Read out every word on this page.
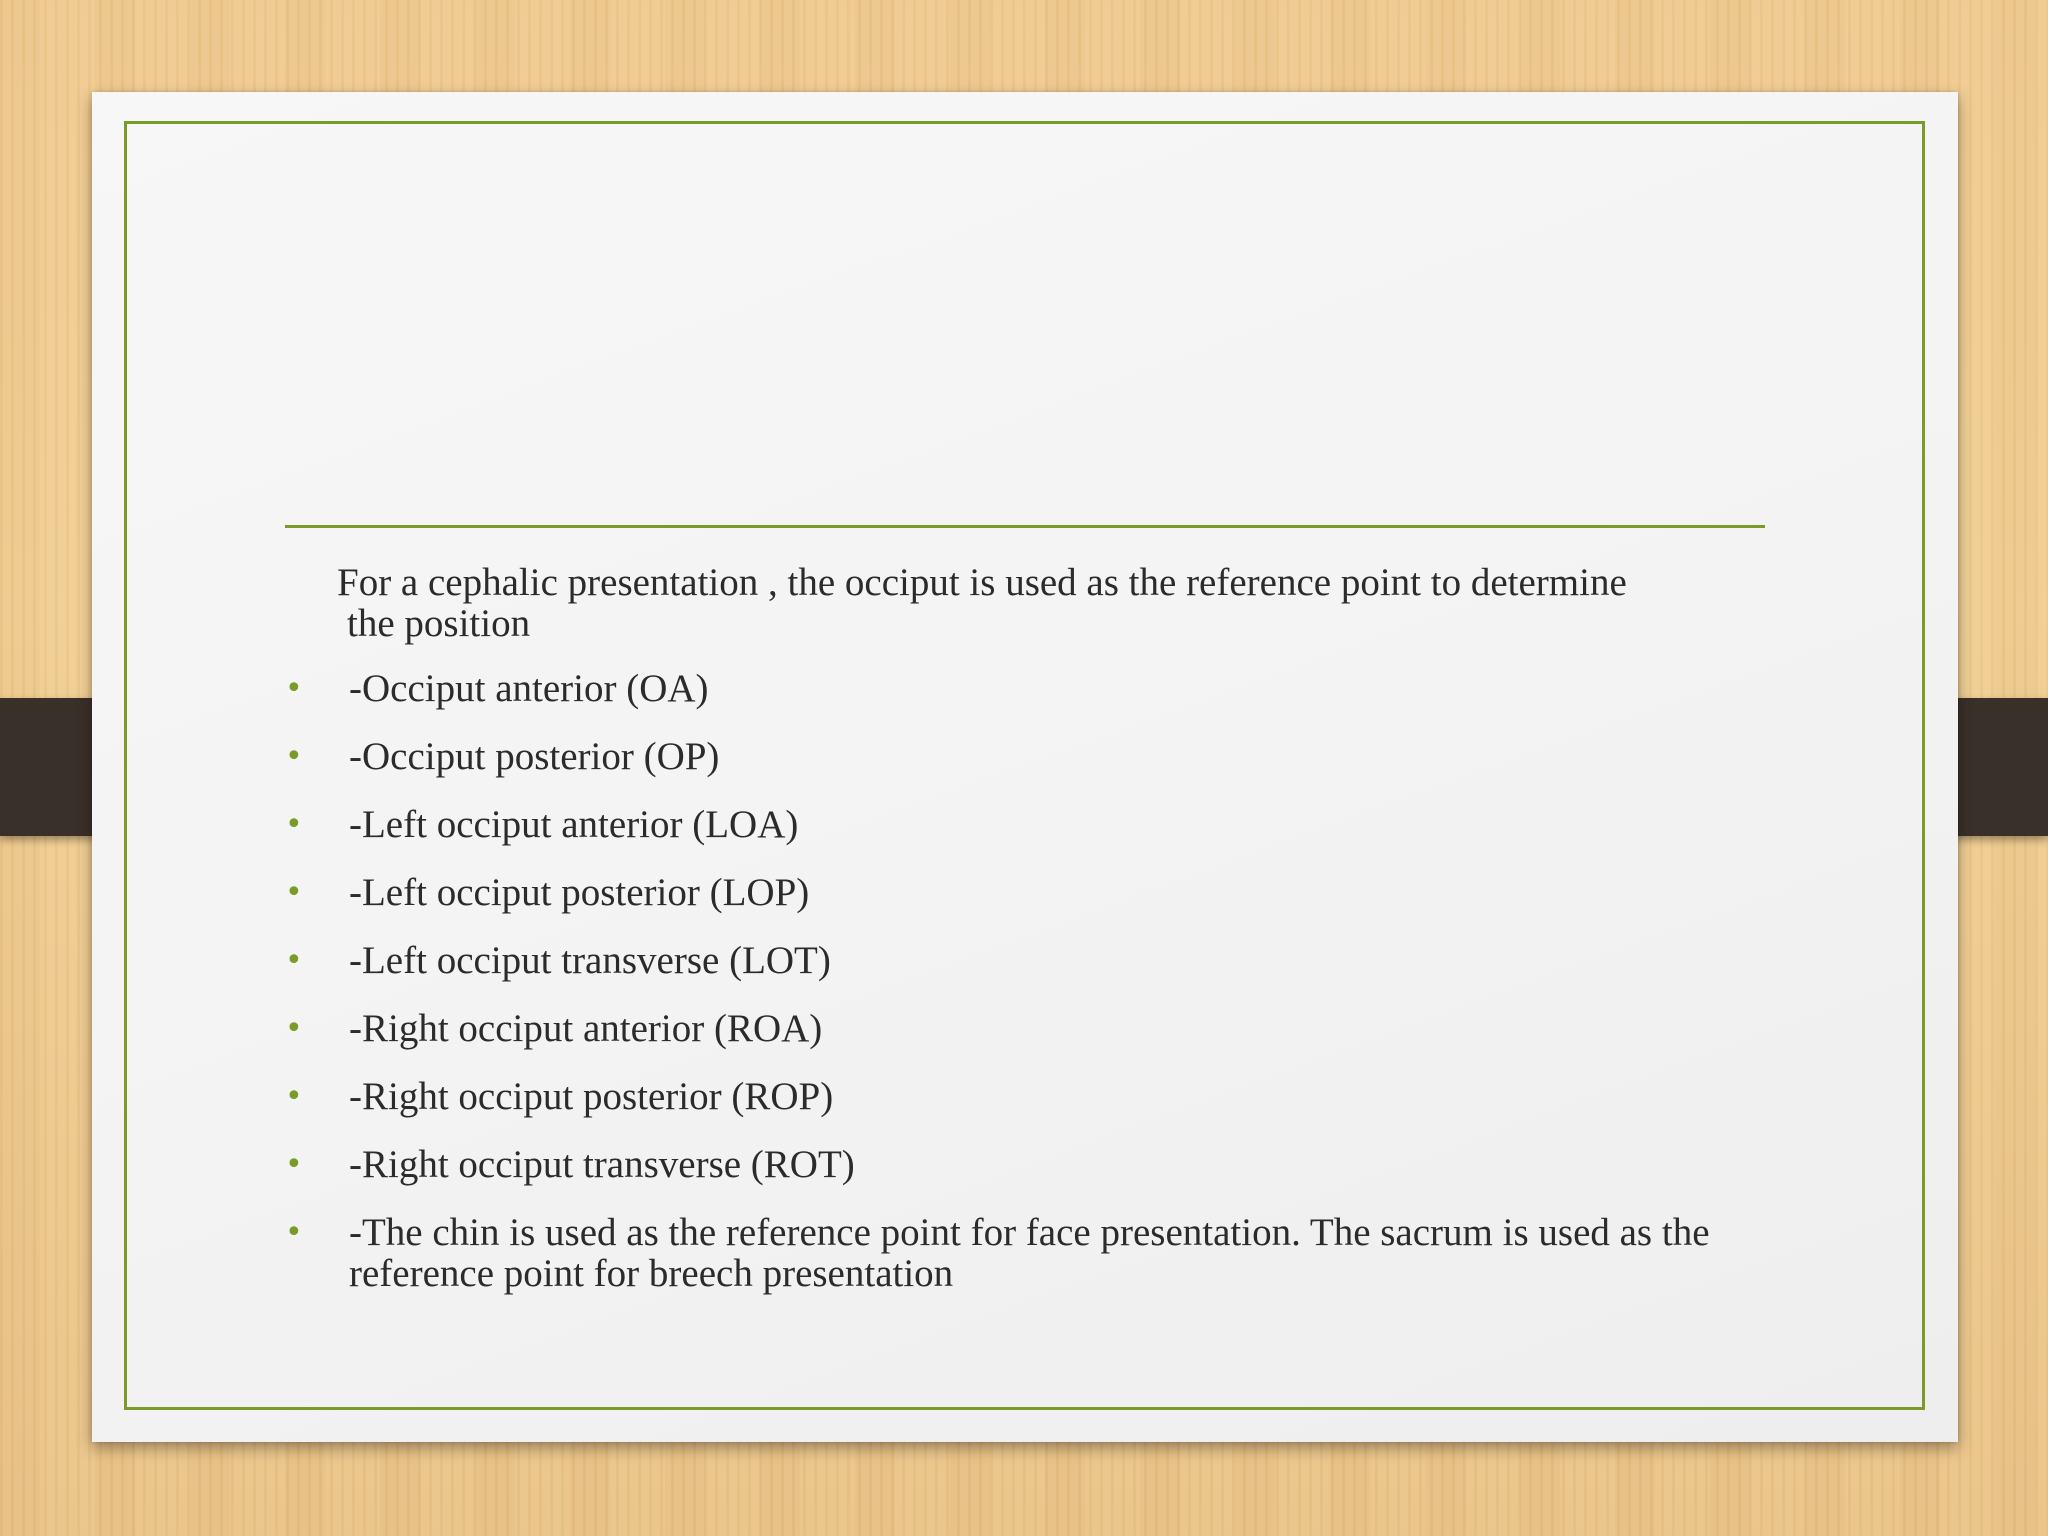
For a cephalic presentation , the occiput is used as the reference point to determine
the position
• -Occiput anterior (OA)
• -Occiput posterior (OP)
• -Left occiput anterior (LOA)
• -Left occiput posterior (LOP)
• -Left occiput transverse (LOT)
• -Right occiput anterior (ROA)
• -Right occiput posterior (ROP)
• -Right occiput transverse (ROT)
• -The chin is used as the reference point for face presentation. The sacrum is used as the reference point for breech presentation
